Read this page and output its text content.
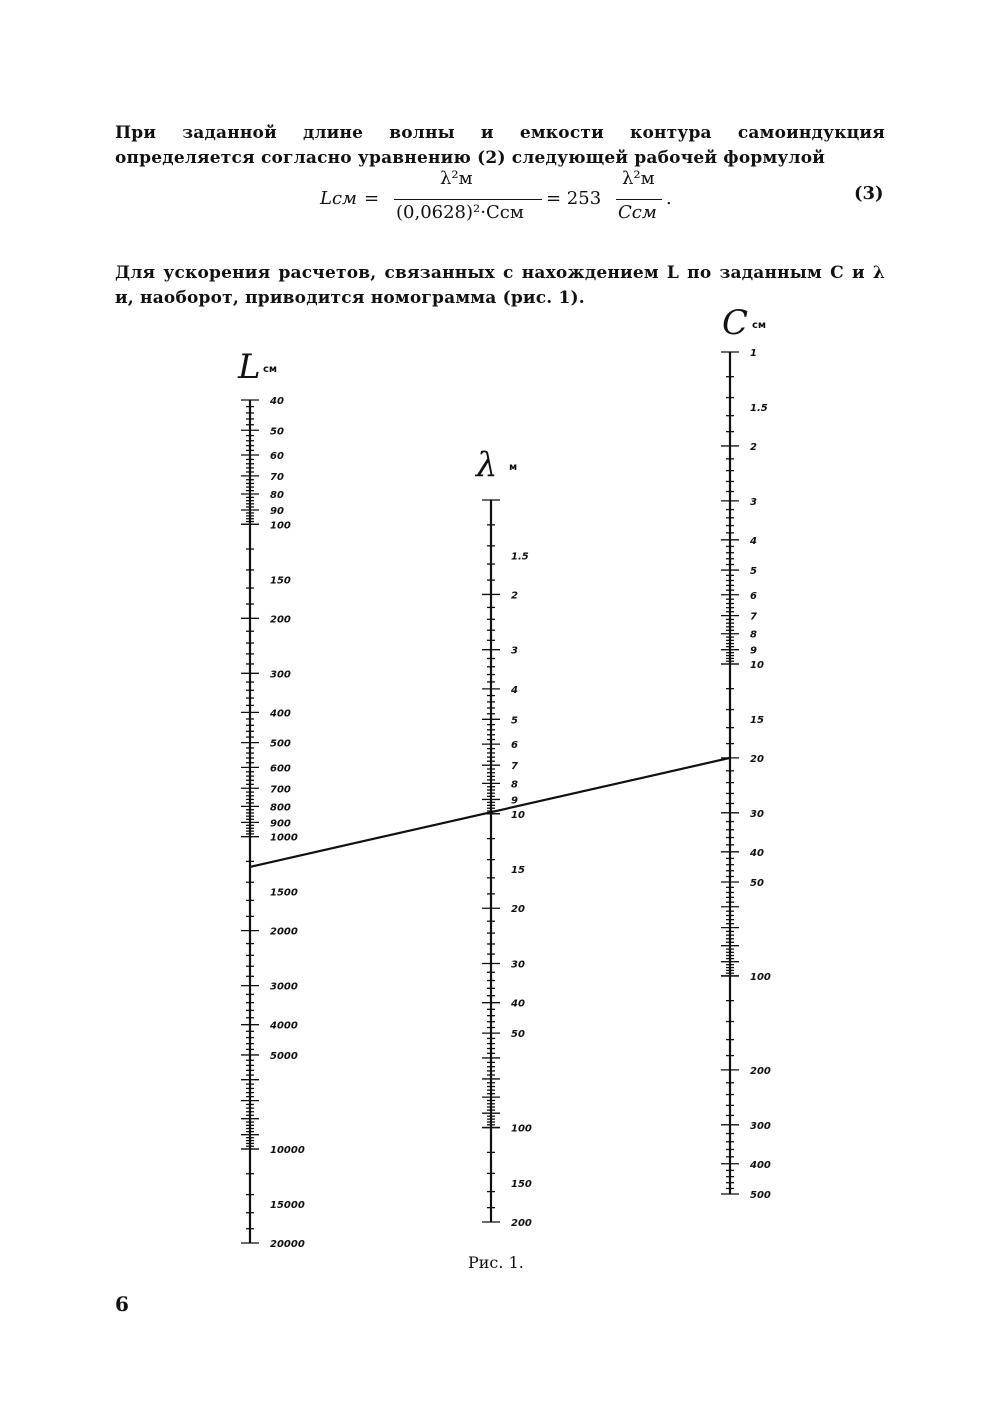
При заданной длине волны и емкости контура самоиндукция определяется согласно уравнению (2) следующей рабочей формулой

Lсм =
λ²м
(0,0628)²·Cсм
= 253
λ²м
Cсм
.	(3)

Для ускорения расчетов, связанных с нахождением L по заданным C и λ и, наоборот, приводится номограмма (рис. 1).

40
50
60
70
80
90
100
150
200
300
400
500
600
700
800
900
1000
1500
2000
3000
4000
5000
10000
15000
20000
L см
1.5
2
3
4
5
6
7
8
9
10
15
20
30
40
50
100
150
200
λ м
1
1.5
2
3
4
5
6
7
8
9
10
15
20
30
40
50
100
200
300
400
500
C см
Рис. 1.
6
